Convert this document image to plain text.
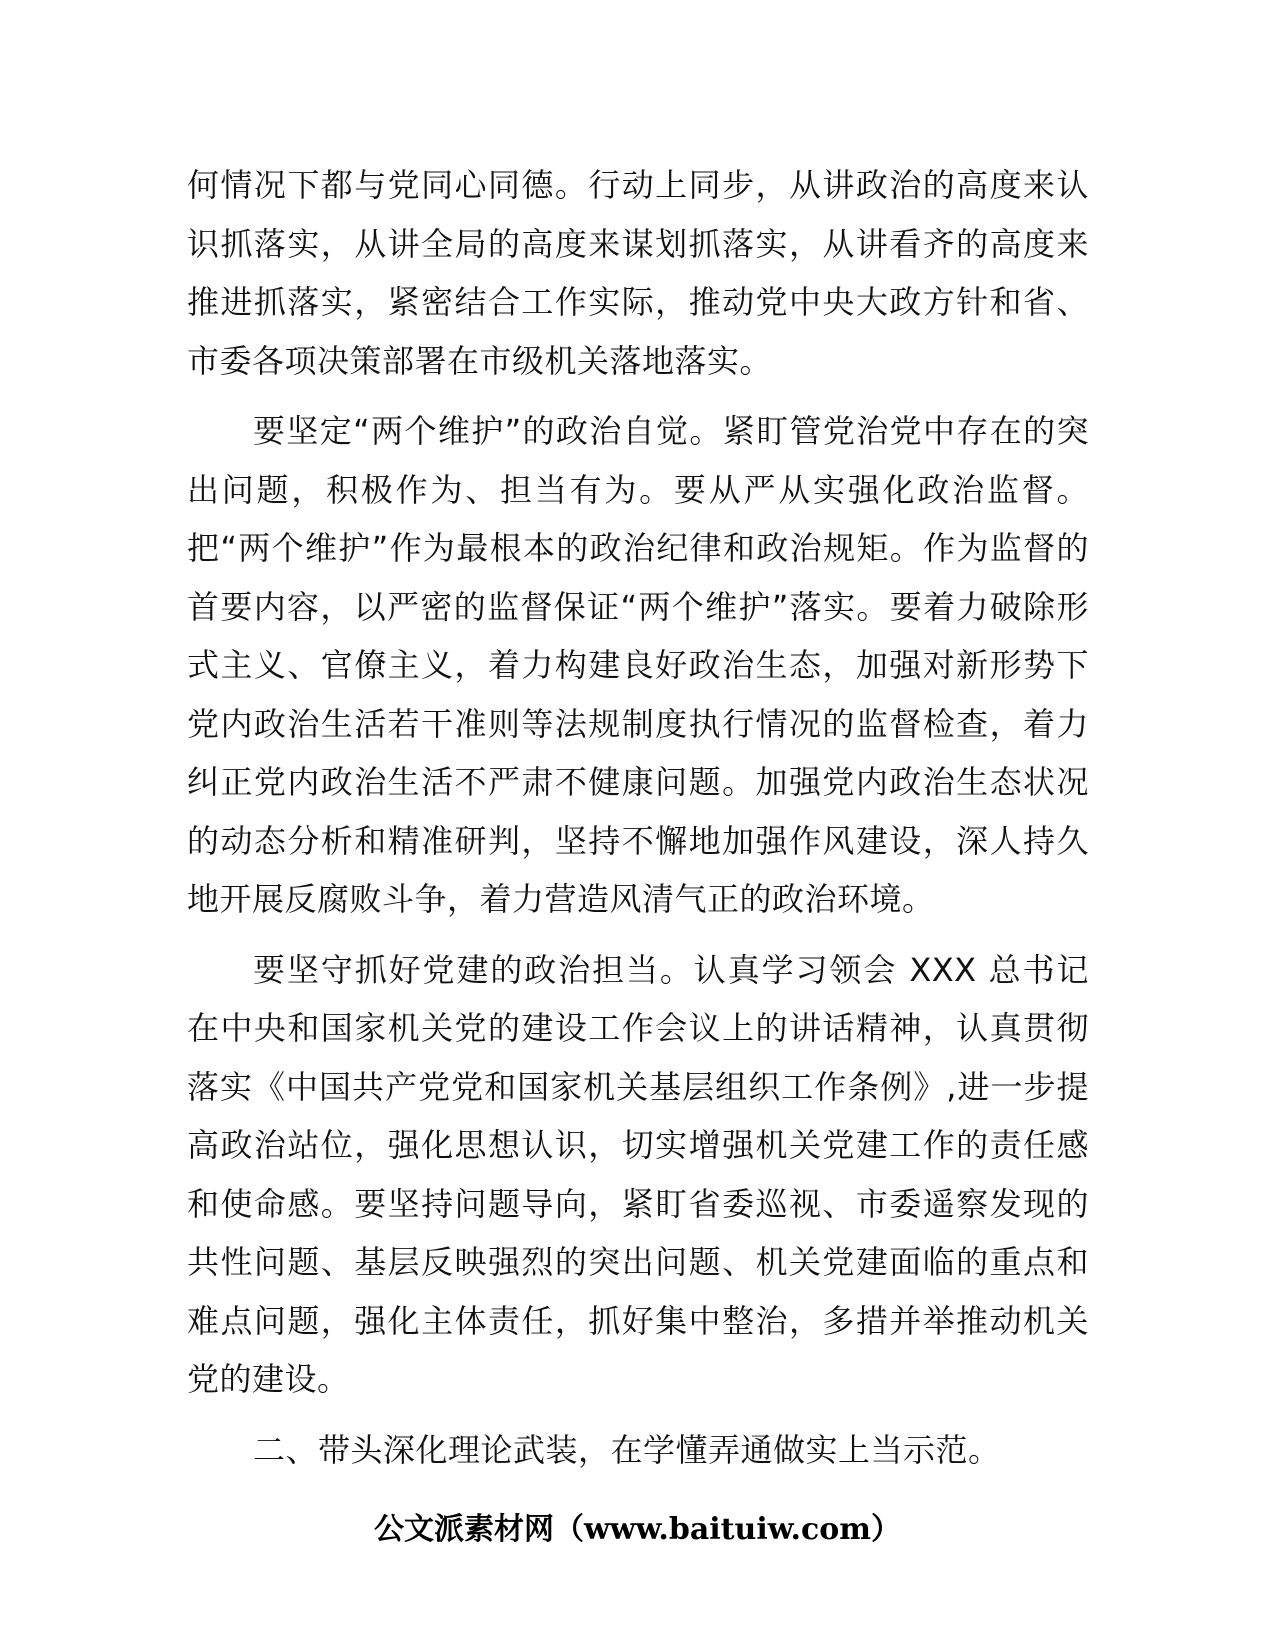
何情况下都与党同心同德。行动上同步，从讲政治的高度来认识抓落实，从讲全局的高度来谋划抓落实，从讲看齐的高度来推进抓落实，紧密结合工作实际，推动党中央大政方针和省、市委各项决策部署在市级机关落地落实。

要坚定“两个维护”的政治自觉。紧盯管党治党中存在的突出问题，积极作为、担当有为。要从严从实强化政治监督。把“两个维护”作为最根本的政治纪律和政治规矩。作为监督的首要内容，以严密的监督保证“两个维护”落实。要着力破除形式主义、官僚主义，着力构建良好政治生态，加强对新形势下党内政治生活若干准则等法规制度执行情况的监督检查，着力纠正党内政治生活不严肃不健康问题。加强党内政治生态状况的动态分析和精准研判，坚持不懈地加强作风建设，深人持久地开展反腐败斗争，着力营造风清气正的政治环境。

要坚守抓好党建的政治担当。认真学习领会 XXX 总书记在中央和国家机关党的建设工作会议上的讲话精神，认真贯彻落实《中国共产党党和国家机关基层组织工作条例》,进一步提高政治站位，强化思想认识，切实增强机关党建工作的责任感和使命感。要坚持问题导向，紧盯省委巡视、市委遥察发现的共性问题、基层反映强烈的突出问题、机关党建面临的重点和难点问题，强化主体责任，抓好集中整治，多措并举推动机关党的建设。

二、带头深化理论武装，在学懂弄通做实上当示范。

公文派素材网（www.baituiw.com）
